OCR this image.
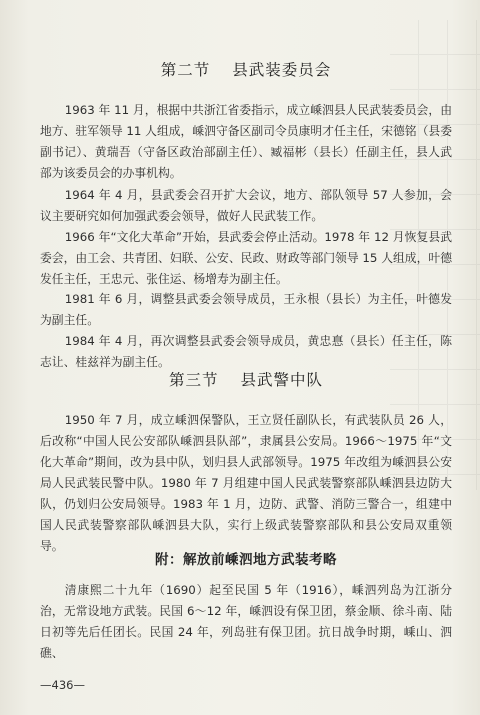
第二节 县武装委员会

1963 年 11 月，根据中共浙江省委指示，成立嵊泗县人民武装委员会，由地方、驻军领导 11 人组成，嵊泗守备区副司令员康明才任主任，宋德铭（县委副书记）、黄瑞吾（守备区政治部副主任）、臧福彬（县长）任副主任，县人武部为该委员会的办事机构。

1964 年 4 月，县武委会召开扩大会议，地方、部队领导 57 人参加，会议主要研究如何加强武委会领导，做好人民武装工作。

1966 年“文化大革命”开始，县武委会停止活动。1978 年 12 月恢复县武委会，由工会、共青团、妇联、公安、民政、财政等部门领导 15 人组成，叶德发任主任，王忠元、张住运、杨增寿为副主任。

1981 年 6 月，调整县武委会领导成员，王永根（县长）为主任，叶德发为副主任。

1984 年 4 月，再次调整县武委会领导成员，黄忠惪（县长）任主任，陈志让、桂兹祥为副主任。

第三节 县武警中队

1950 年 7 月，成立嵊泗保警队，王立贤任副队长，有武装队员 26 人，后改称“中国人民公安部队嵊泗县队部”，隶属县公安局。1966～1975 年“文化大革命”期间，改为县中队，划归县人武部领导。1975 年改组为嵊泗县公安局人民武装民警中队。1980 年 7 月组建中国人民武装警察部队嵊泗县边防大队，仍划归公安局领导。1983 年 1 月，边防、武警、消防三警合一，组建中国人民武装警察部队嵊泗县大队，实行上级武装警察部队和县公安局双重领导。

附：解放前嵊泗地方武装考略

清康熙二十九年（1690）起至民国 5 年（1916），嵊泗列岛为江浙分治，无常设地方武装。民国 6～12 年，嵊泗设有保卫团，蔡金顺、徐斗南、陆日初等先后任团长。民国 24 年，列岛驻有保卫团。抗日战争时期，嵊山、泗礁、

—436—
